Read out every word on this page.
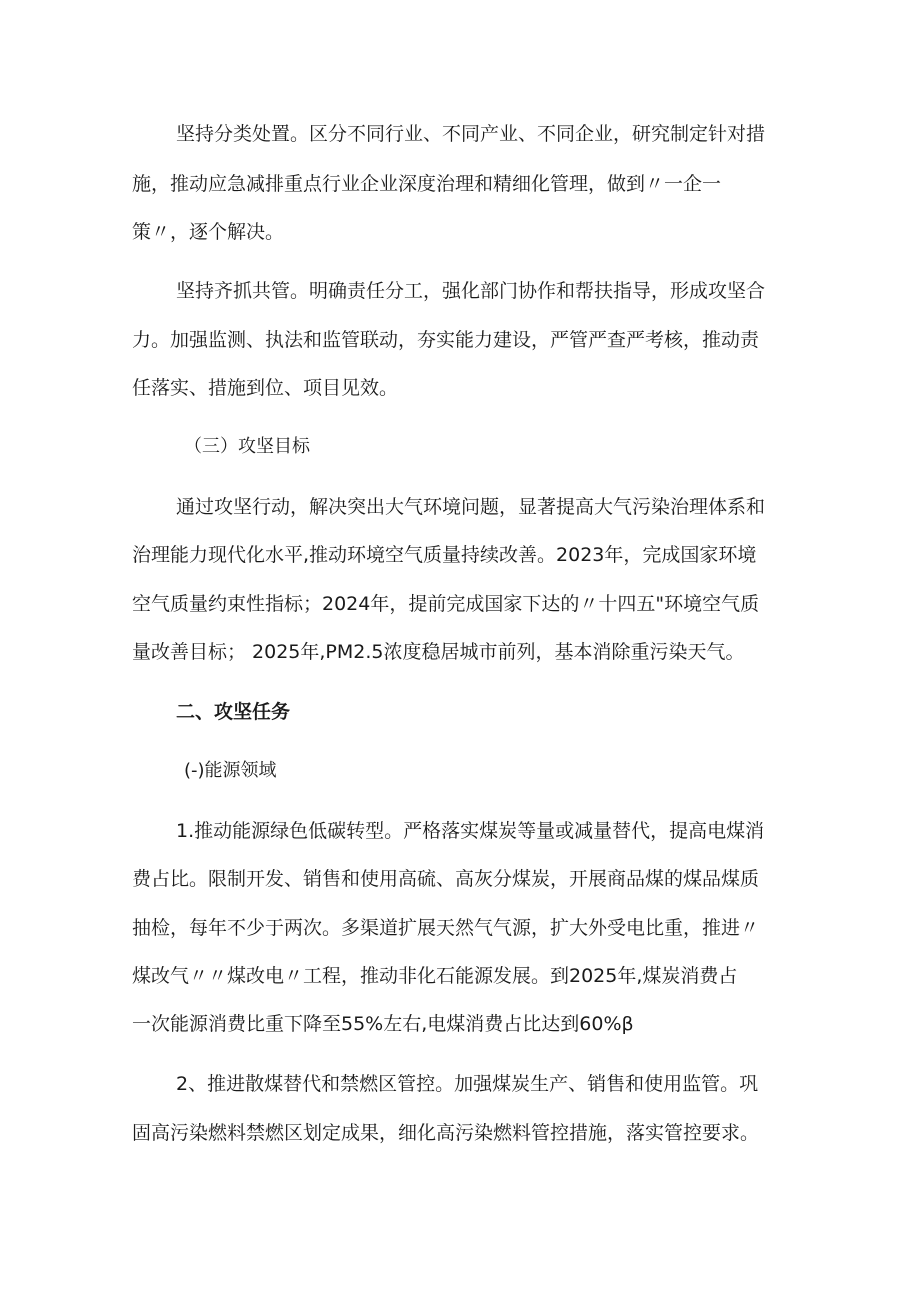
坚持分类处置。区分不同行业、不同产业、不同企业，研究制定针对措
施，推动应急减排重点行业企业深度治理和精细化管理，做到〃一企一
策〃，逐个解决。
坚持齐抓共管。明确责任分工，强化部门协作和帮扶指导，形成攻坚合
力。加强监测、执法和监管联动，夯实能力建设，严管严查严考核，推动责
任落实、措施到位、项目见效。
（三）攻坚目标
通过攻坚行动，解决突出大气环境问题，显著提高大气污染治理体系和
治理能力现代化水平,推动环境空气质量持续改善。2023年，完成国家环境
空气质量约束性指标；2024年，提前完成国家下达的〃十四五"环境空气质
量改善目标； 2025年,PM2.5浓度稳居城市前列，基本消除重污染天气。
二、攻坚任务
(-)能源领域
1.推动能源绿色低碳转型。严格落实煤炭等量或减量替代，提高电煤消
费占比。限制开发、销售和使用高硫、高灰分煤炭，开展商品煤的煤品煤质
抽检，每年不少于两次。多渠道扩展天然气气源，扩大外受电比重，推进〃
煤改气〃〃煤改电〃工程，推动非化石能源发展。到2025年,煤炭消费占
一次能源消费比重下降至55%左右,电煤消费占比达到60%β
2、推进散煤替代和禁燃区管控。加强煤炭生产、销售和使用监管。巩
固高污染燃料禁燃区划定成果，细化高污染燃料管控措施，落实管控要求。
